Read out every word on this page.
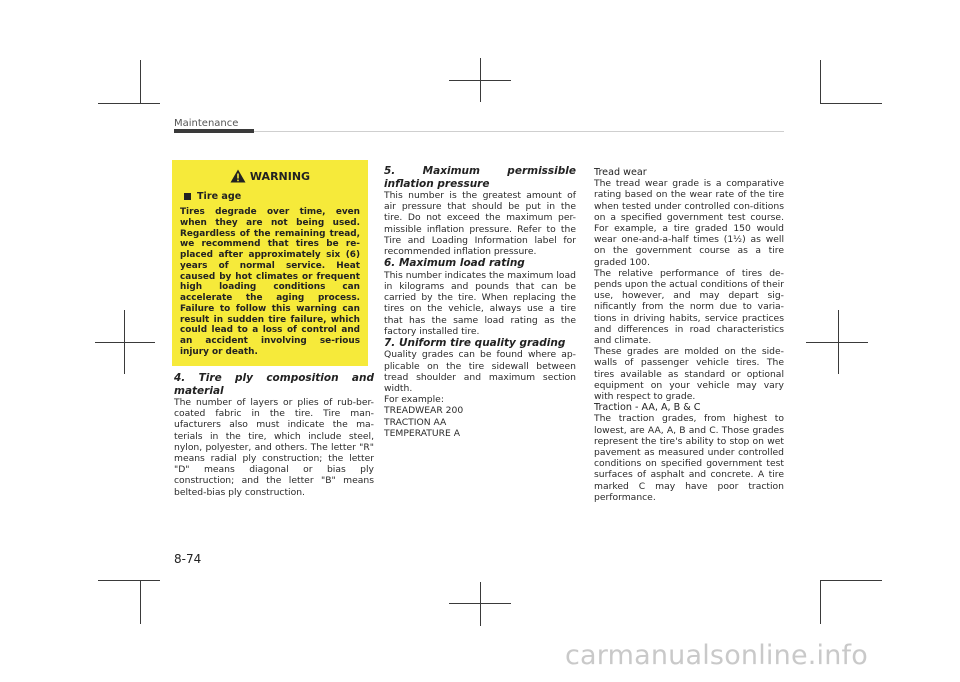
Maintenance
WARNING
Tire age
Tires degrade over time, even when they are not being used. Regardless of the remaining tread, we recommend that tires be re-placed after approximately six (6) years of normal service. Heat caused by hot climates or frequent high loading conditions can accelerate the aging process. Failure to follow this warning can result in sudden tire failure, which could lead to a loss of control and an accident involving se-rious injury or death.

4. Tire ply composition and material

The number of layers or plies of rub-ber-coated fabric in the tire. Tire man-ufacturers also must indicate the ma-terials in the tire, which include steel, nylon, polyester, and others. The letter "R" means radial ply construction; the letter "D" means diagonal or bias ply construction; and the letter "B" means belted-bias ply construction.

5. Maximum permissible inflation pressure

This number is the greatest amount of air pressure that should be put in the tire. Do not exceed the maximum per-missible inflation pressure. Refer to the Tire and Loading Information label for recommended inflation pressure.

6. Maximum load rating

This number indicates the maximum load in kilograms and pounds that can be carried by the tire. When replacing the tires on the vehicle, always use a tire that has the same load rating as the factory installed tire.

7. Uniform tire quality grading

Quality grades can be found where ap-plicable on the tire sidewall between tread shoulder and maximum section width.

For example:

TREADWEAR 200

TRACTION AA

TEMPERATURE A

Tread wear

The tread wear grade is a comparative rating based on the wear rate of the tire when tested under controlled con-ditions on a specified government test course. For example, a tire graded 150 would wear one-and-a-half times (1½) as well on the government course as a tire graded 100.

The relative performance of tires de-pends upon the actual conditions of their use, however, and may depart sig-nificantly from the norm due to varia-tions in driving habits, service practices and differences in road characteristics and climate.

These grades are molded on the side-walls of passenger vehicle tires. The tires available as standard or optional equipment on your vehicle may vary with respect to grade.

Traction - AA, A, B & C

The traction grades, from highest to lowest, are AA, A, B and C. Those grades represent the tire's ability to stop on wet pavement as measured under controlled conditions on specified government test surfaces of asphalt and concrete. A tire marked C may have poor traction performance.

8-74
carmanualsonline.info
